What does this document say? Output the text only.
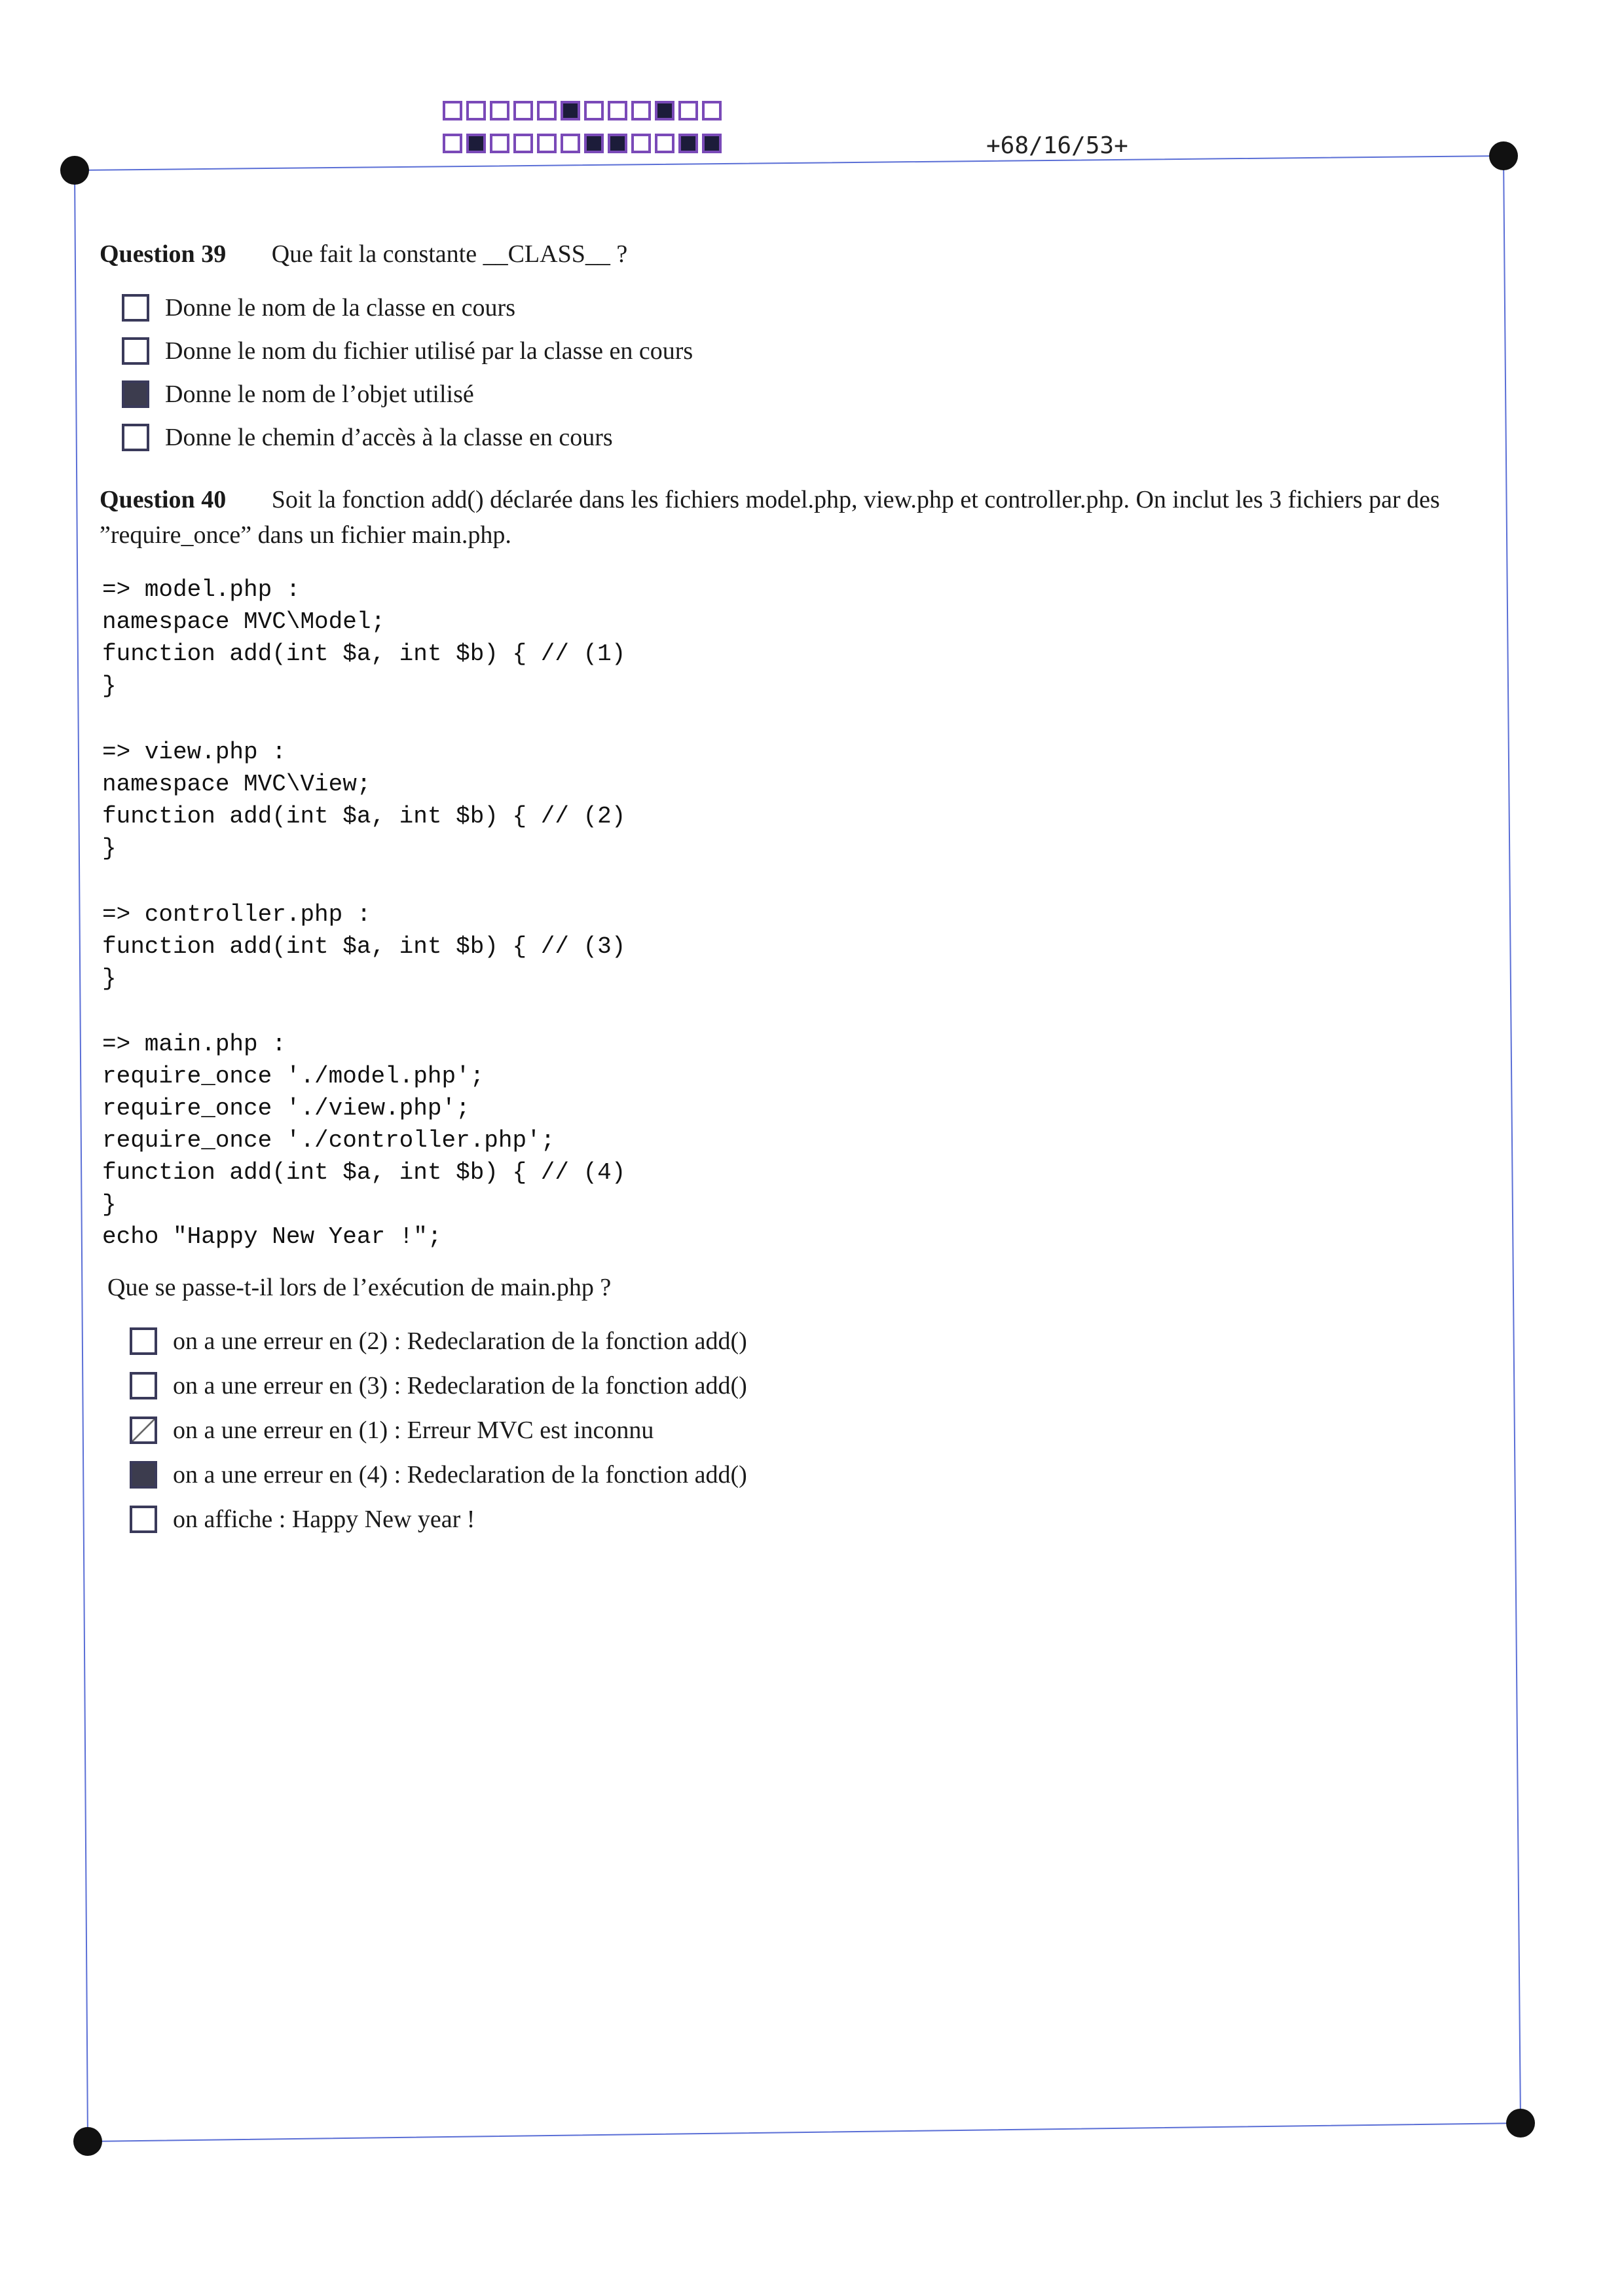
+68/16/53+
Question 39 Que fait la constante __CLASS__ ?
Donne le nom de la classe en cours
Donne le nom du fichier utilisé par la classe en cours
Donne le nom de l’objet utilisé
Donne le chemin d’accès à la classe en cours
Question 40 Soit la fonction add() déclarée dans les fichiers model.php, view.php et controller.php. On inclut les 3 fichiers par des ”require_once” dans un fichier main.php.
=> model.php :
namespace MVC\Model;
function add(int $a, int $b) { // (1)
}
=> view.php :
namespace MVC\View;
function add(int $a, int $b) { // (2)
}
=> controller.php :
function add(int $a, int $b) { // (3)
}
=> main.php :
require_once './model.php';
require_once './view.php';
require_once './controller.php';
function add(int $a, int $b) { // (4)
}
echo "Happy New Year !";
Que se passe-t-il lors de l’exécution de main.php ?
on a une erreur en (2) : Redeclaration de la fonction add()
on a une erreur en (3) : Redeclaration de la fonction add()
on a une erreur en (1) : Erreur MVC est inconnu
on a une erreur en (4) : Redeclaration de la fonction add()
on affiche : Happy New year !
